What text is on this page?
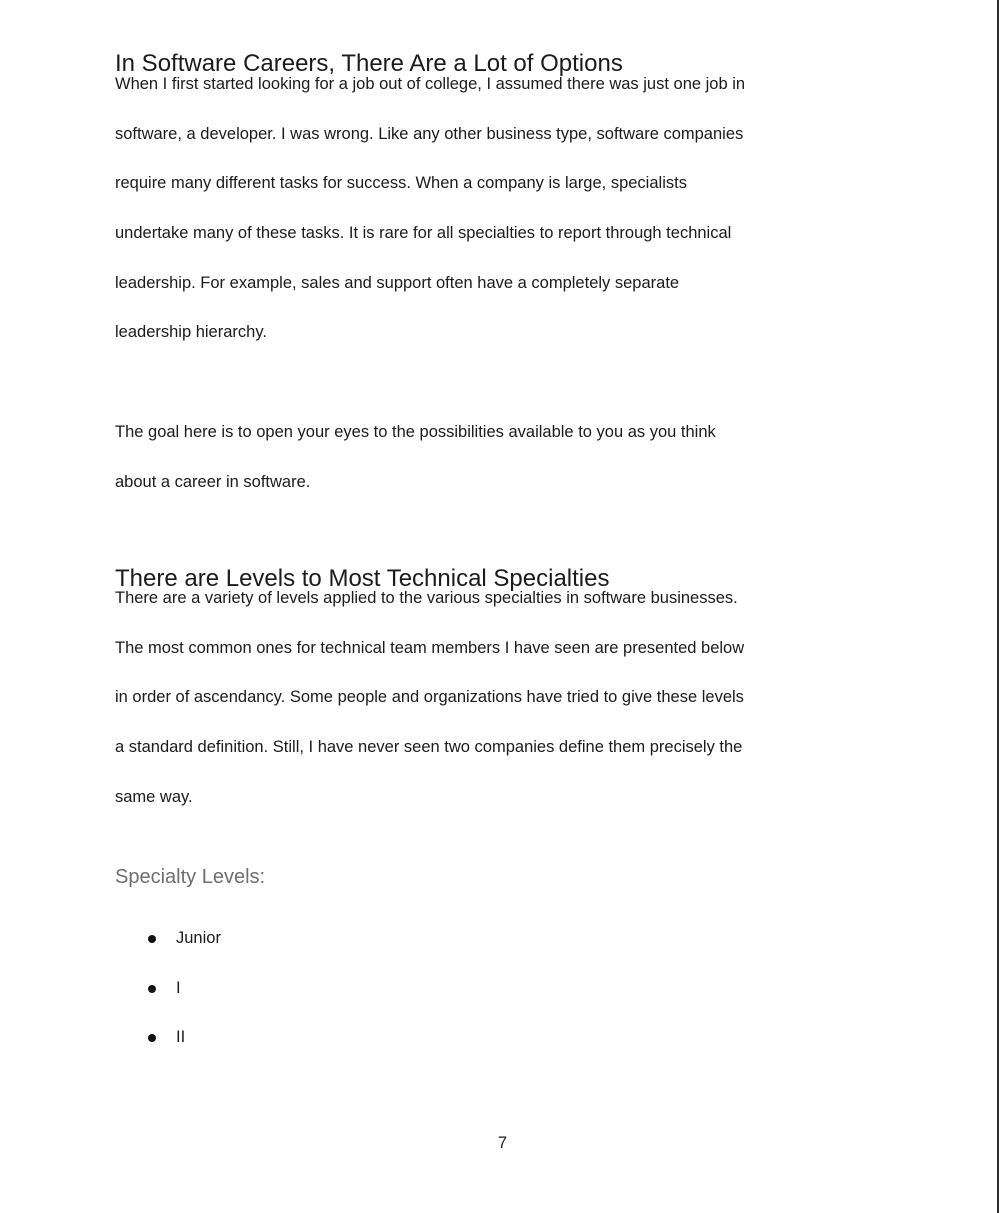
In Software Careers, There Are a Lot of Options
When I first started looking for a job out of college, I assumed there was just one job in
software, a developer. I was wrong. Like any other business type, software companies
require many different tasks for success. When a company is large, specialists
undertake many of these tasks. It is rare for all specialties to report through technical
leadership. For example, sales and support often have a completely separate
leadership hierarchy.
The goal here is to open your eyes to the possibilities available to you as you think
about a career in software.
There are Levels to Most Technical Specialties
There are a variety of levels applied to the various specialties in software businesses.
The most common ones for technical team members I have seen are presented below
in order of ascendancy. Some people and organizations have tried to give these levels
a standard definition. Still, I have never seen two companies define them precisely the
same way.
Specialty Levels:
Junior
I
II
7
